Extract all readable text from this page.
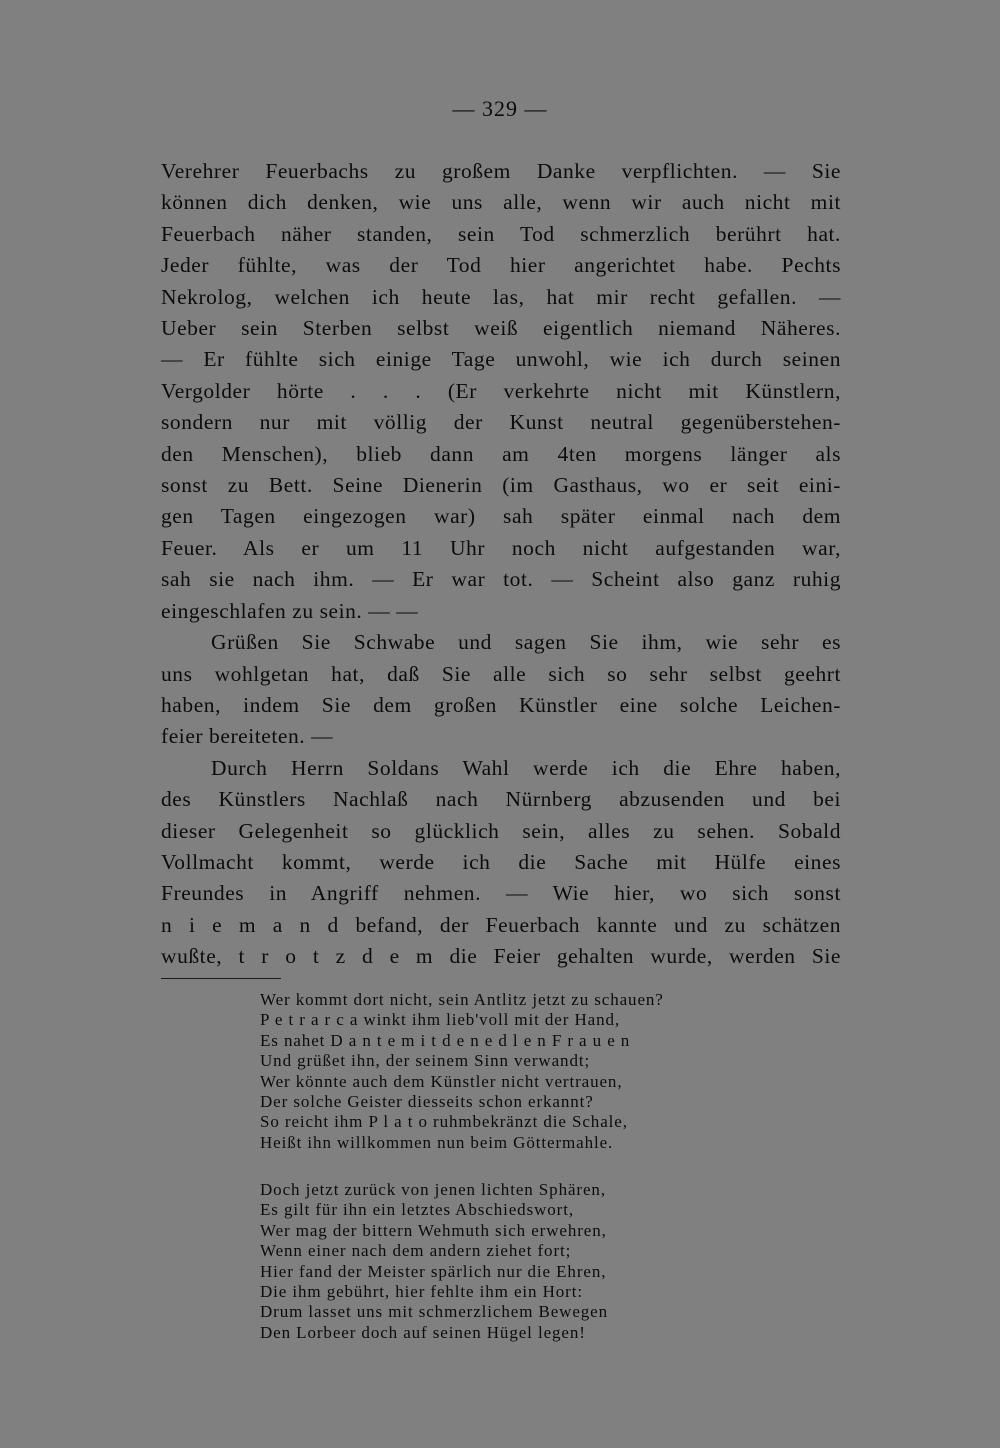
— 329 —
Verehrer Feuerbachs zu großem Danke verpflichten. — Sie
können dich denken, wie uns alle, wenn wir auch nicht mit
Feuerbach näher standen, sein Tod schmerzlich berührt hat.
Jeder fühlte, was der Tod hier angerichtet habe. Pechts
Nekrolog, welchen ich heute las, hat mir recht gefallen. —
Ueber sein Sterben selbst weiß eigentlich niemand Näheres.
— Er fühlte sich einige Tage unwohl, wie ich durch seinen
Vergolder hörte . . . (Er verkehrte nicht mit Künstlern,
sondern nur mit völlig der Kunst neutral gegenüberstehen-
den Menschen), blieb dann am 4ten morgens länger als
sonst zu Bett. Seine Dienerin (im Gasthaus, wo er seit eini-
gen Tagen eingezogen war) sah später einmal nach dem
Feuer. Als er um 11 Uhr noch nicht aufgestanden war,
sah sie nach ihm. — Er war tot. — Scheint also ganz ruhig
eingeschlafen zu sein. — —
Grüßen Sie Schwabe und sagen Sie ihm, wie sehr es
uns wohlgetan hat, daß Sie alle sich so sehr selbst geehrt
haben, indem Sie dem großen Künstler eine solche Leichen-
feier bereiteten. —
Durch Herrn Soldans Wahl werde ich die Ehre haben,
des Künstlers Nachlaß nach Nürnberg abzusenden und bei
dieser Gelegenheit so glücklich sein, alles zu sehen. Sobald
Vollmacht kommt, werde ich die Sache mit Hülfe eines
Freundes in Angriff nehmen. — Wie hier, wo sich sonst
n i e m a n d befand, der Feuerbach kannte und zu schätzen
wußte, t r o t z d e m die Feier gehalten wurde, werden Sie
Wer kommt dort nicht, sein Antlitz jetzt zu schauen?
P e t r a r c a winkt ihm lieb'voll mit der Hand,
Es nahet D a n t e m i t d e n e d l e n F r a u e n
Und grüßet ihn, der seinem Sinn verwandt;
Wer könnte auch dem Künstler nicht vertrauen,
Der solche Geister diesseits schon erkannt?
So reicht ihm P l a t o ruhmbekränzt die Schale,
Heißt ihn willkommen nun beim Göttermahle.
Doch jetzt zurück von jenen lichten Sphären,
Es gilt für ihn ein letztes Abschiedswort,
Wer mag der bittern Wehmuth sich erwehren,
Wenn einer nach dem andern ziehet fort;
Hier fand der Meister spärlich nur die Ehren,
Die ihm gebührt, hier fehlte ihm ein Hort:
Drum lasset uns mit schmerzlichem Bewegen
Den Lorbeer doch auf seinen Hügel legen!
